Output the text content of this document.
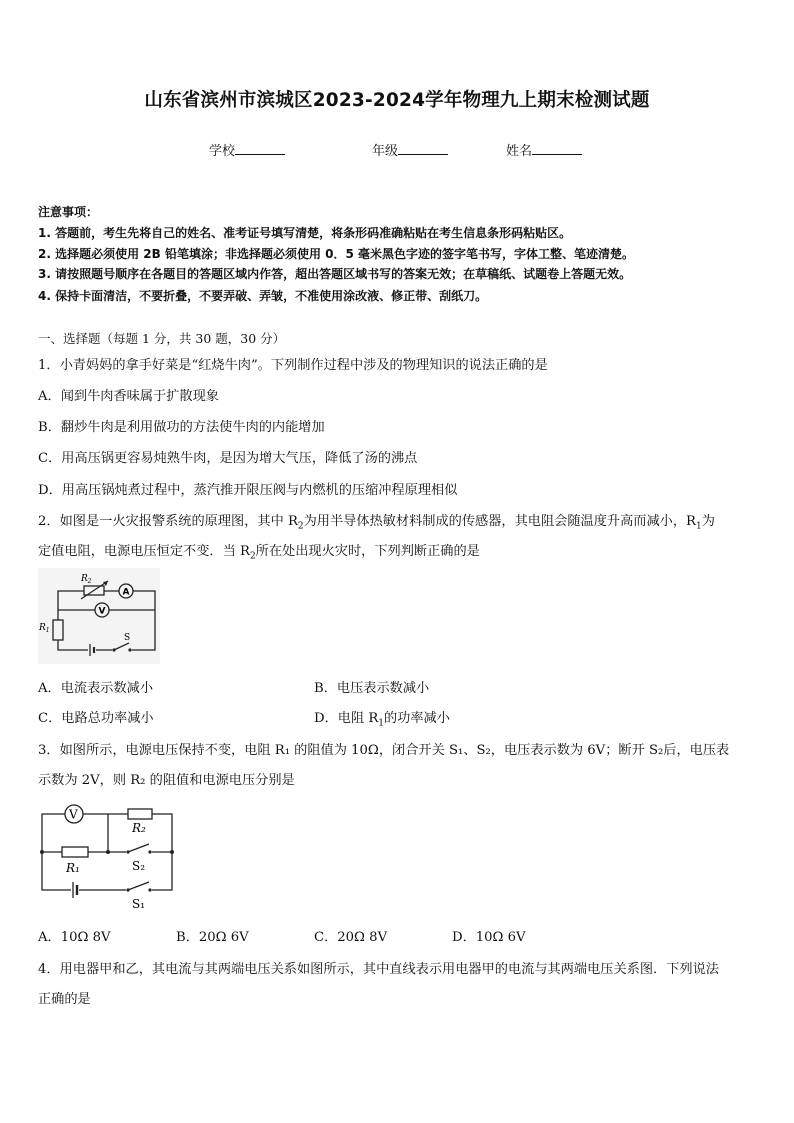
山东省滨州市滨城区2023-2024学年物理九上期末检测试题
学校	年级	姓名
注意事项：
1. 答题前，考生先将自己的姓名、准考证号填写清楚，将条形码准确粘贴在考生信息条形码粘贴区。
2. 选择题必须使用 2B 铅笔填涂；非选择题必须使用 0．5 毫米黑色字迹的签字笔书写，字体工整、笔迹清楚。
3. 请按照题号顺序在各题目的答题区域内作答，超出答题区域书写的答案无效；在草稿纸、试题卷上答题无效。
4. 保持卡面清洁，不要折叠，不要弄破、弄皱，不准使用涂改液、修正带、刮纸刀。
一、选择题（每题 1 分，共 30 题，30 分）
1．小青妈妈的拿手好菜是“红烧牛肉”。下列制作过程中涉及的物理知识的说法正确的是
A．闻到牛肉香味属于扩散现象
B．翻炒牛肉是利用做功的方法使牛肉的内能增加
C．用高压锅更容易炖熟牛肉，是因为增大气压，降低了汤的沸点
D．用高压锅炖煮过程中，蒸汽推开限压阀与内燃机的压缩冲程原理相似
2．如图是一火灾报警系统的原理图，其中 $R_2$为用半导体热敏材料制成的传感器，其电阻会随温度升高而减小，$R_1$为
定值电阻，电源电压恒定不变．当 $R_2$所在处出现火灾时，下列判断正确的是
$R_2$
A
V
$R_1$
S
A．电流表示数减小	B．电压表示数减小
C．电路总功率减小	D．电阻 $R_1$的功率减小
3．如图所示，电源电压保持不变，电阻 R₁ 的阻值为 10Ω，闭合开关 S₁、S₂，电压表示数为 6V；断开 S₂后，电压表
示数为 2V，则 R₂ 的阻值和电源电压分别是
V
R₂
R₁	S₂
S₁
A．10Ω 8V	B．20Ω 6V	C．20Ω 8V	D．10Ω 6V
4．用电器甲和乙，其电流与其两端电压关系如图所示，其中直线表示用电器甲的电流与其两端电压关系图．下列说法
正确的是
